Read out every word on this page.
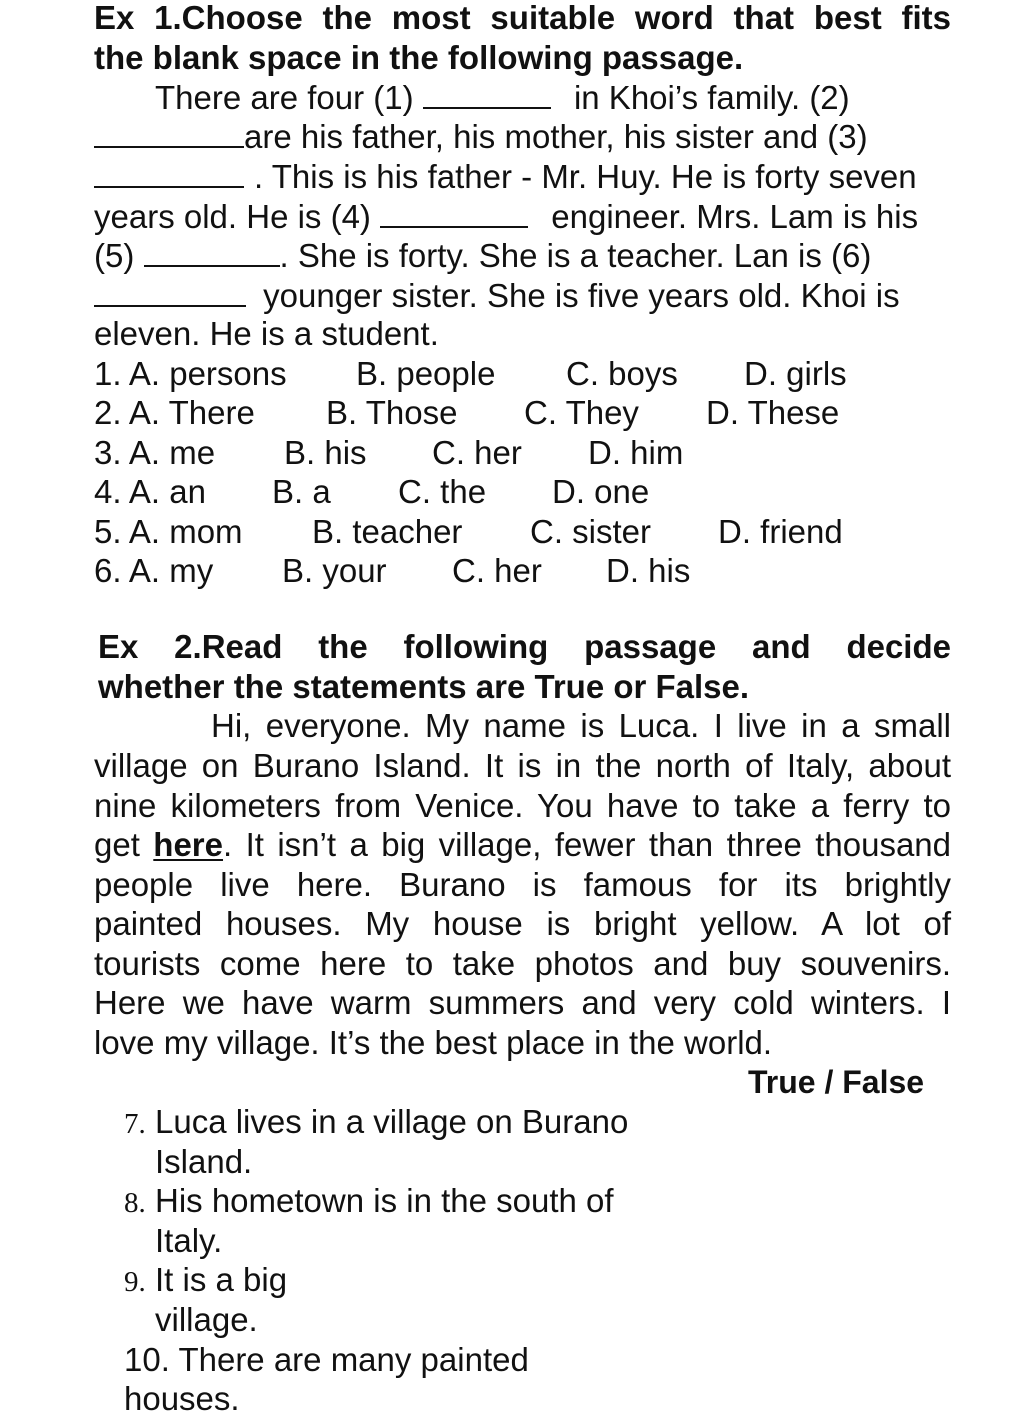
Ex 1.Choose the most suitable word that best fits
the blank space in the following passage.
There are four (1)	in Khoi’s family. (2)
are his father, his mother, his sister and (3)
. This is his father - Mr. Huy. He is forty seven
years old. He is (4)	engineer. Mrs. Lam is his
(5)	. She is forty. She is a teacher. Lan is (6)
younger sister. She is five years old. Khoi is
eleven. He is a student.
1. A. persons B. people C. boys D. girls
2. A. There B. Those C. They D. These
3. A. me B. his C. her D. him
4. A. an B. a C. the D. one
5. A. mom B. teacher C. sister D. friend
6. A. my B. your C. her D. his
Ex 2.Read the following passage and decide
whether the statements are True or False.
Hi, everyone. My name is Luca. I live in a small
village on Burano Island. It is in the north of Italy, about
nine kilometers from Venice. You have to take a ferry to
get here. It isn’t a big village, fewer than three thousand
people live here. Burano is famous for its brightly
painted houses. My house is bright yellow. A lot of
tourists come here to take photos and buy souvenirs.
Here we have warm summers and very cold winters. I
love my village. It’s the best place in the world.
True / False
7. Luca lives in a village on Burano
Island.
8. His hometown is in the south of
Italy.
9. It is a big
village.
10. There are many painted
houses.
